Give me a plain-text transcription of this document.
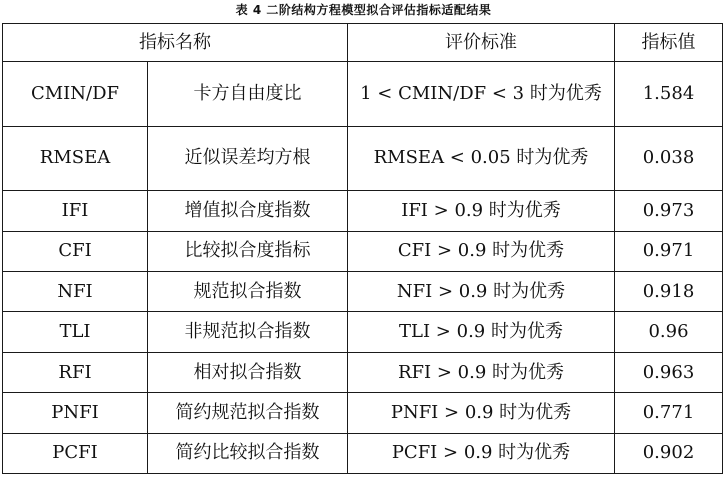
表 4 二阶结构方程模型拟合评估指标适配结果
指标名称		评价标准	指标值
CMIN/DF	卡方自由度比	1 < CMIN/DF < 3 时为优秀	1.584
RMSEA	近似误差均方根	RMSEA < 0.05 时为优秀	0.038
IFI	增值拟合度指数	IFI > 0.9 时为优秀	0.973
CFI	比较拟合度指标	CFI > 0.9 时为优秀	0.971
NFI	规范拟合指数	NFI > 0.9 时为优秀	0.918
TLI	非规范拟合指数	TLI > 0.9 时为优秀	0.96
RFI	相对拟合指数	RFI > 0.9 时为优秀	0.963
PNFI	简约规范拟合指数	PNFI > 0.9 时为优秀	0.771
PCFI	简约比较拟合指数	PCFI > 0.9 时为优秀	0.902
